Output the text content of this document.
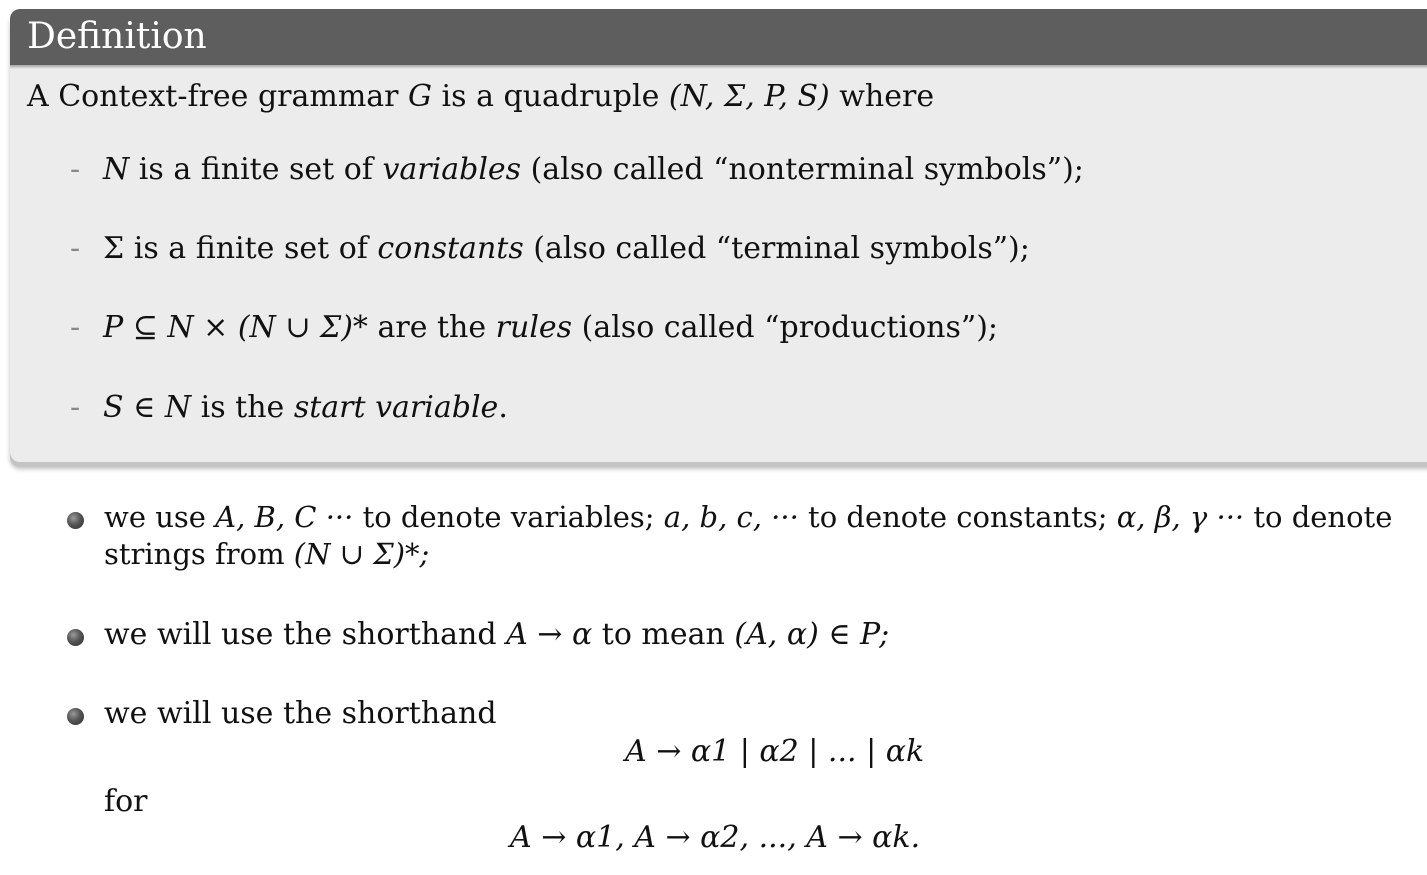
Definition
A Context-free grammar G is a quadruple (N, Σ, P, S) where
- N is a finite set of variables (also called “nonterminal symbols”);
- Σ is a finite set of constants (also called “terminal symbols”);
- P ⊆ N × (N ∪ Σ)* are the rules (also called “productions”);
- S ∈ N is the start variable.
we use A, B, C ··· to denote variables; a, b, c, ··· to denote constants; α, β, γ ··· to denote
strings from (N ∪ Σ)*;
we will use the shorthand A → α to mean (A, α) ∈ P;
we will use the shorthand
A → α1 | α2 | ... | αk
for
A → α1, A → α2, ..., A → αk.
